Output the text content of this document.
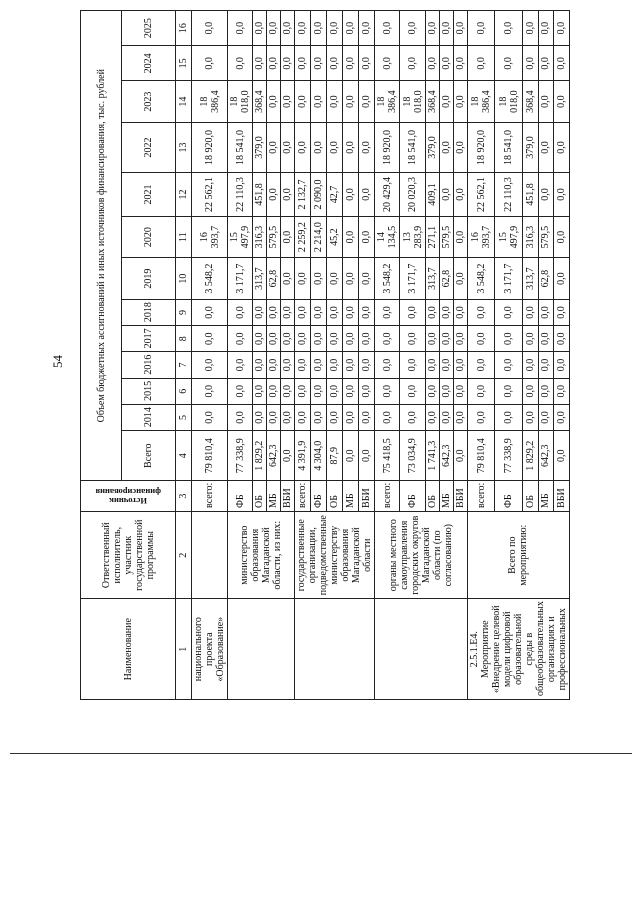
54
Наименование	Ответственный исполнитель, участник государственной программы	Источник финансирования	Объем бюджетных ассигнований и иных источников финансирования, тыс. рублей												
			Всего	2014	2015	2016	2017	2018	2019	2020	2021	2022	2023	2024	2025
1	2	3	4	5	6	7	8	9	10	11	12	13	14	15	16
национального проекта «Образование»		всего:	79 810,4	0,0	0,0	0,0	0,0	0,0	3 548,2	16 393,7	22 562,1	18 920,0	18 386,4	0,0	0,0
	министерство образования Магаданской области, из них:	ФБ	77 338,9	0,0	0,0	0,0	0,0	0,0	3 171,7	15 497,9	22 110,3	18 541,0	18 018,0	0,0	0,0
		ОБ	1 829,2	0,0	0,0	0,0	0,0	0,0	313,7	316,3	451,8	379,0	368,4	0,0	0,0
		МБ	642,3	0,0	0,0	0,0	0,0	0,0	62,8	579,5	0,0	0,0	0,0	0,0	0,0
		ВБИ	0,0	0,0	0,0	0,0	0,0	0,0	0,0	0,0	0,0	0,0	0,0	0,0	0,0
	государственные организации, подведомственные министерству образования Магаданской области	всего:	4 391,9	0,0	0,0	0,0	0,0	0,0	0,0	2 259,2	2 132,7	0,0	0,0	0,0	0,0
		ФБ	4 304,0	0,0	0,0	0,0	0,0	0,0	0,0	2 214,0	2 090,0	0,0	0,0	0,0	0,0
		ОБ	87,9	0,0	0,0	0,0	0,0	0,0	0,0	45,2	42,7	0,0	0,0	0,0	0,0
		МБ	0,0	0,0	0,0	0,0	0,0	0,0	0,0	0,0	0,0	0,0	0,0	0,0	0,0
		ВБИ	0,0	0,0	0,0	0,0	0,0	0,0	0,0	0,0	0,0	0,0	0,0	0,0	0,0
	органы местного самоуправления городских округов Магаданской области (по согласованию)	всего:	75 418,5	0,0	0,0	0,0	0,0	0,0	3 548,2	14 134,5	20 429,4	18 920,0	18 386,4	0,0	0,0
		ФБ	73 034,9	0,0	0,0	0,0	0,0	0,0	3 171,7	13 283,9	20 020,3	18 541,0	18 018,0	0,0	0,0
		ОБ	1 741,3	0,0	0,0	0,0	0,0	0,0	313,7	271,1	409,1	379,0	368,4	0,0	0,0
		МБ	642,3	0,0	0,0	0,0	0,0	0,0	62,8	579,5	0,0	0,0	0,0	0,0	0,0
		ВБИ	0,0	0,0	0,0	0,0	0,0	0,0	0,0	0,0	0,0	0,0	0,0	0,0	0,0
2.5.1.Е4. Мероприятие «Внедрение целевой модели цифровой образовательной среды в общеобразовательных организациях и профессиональных	Всего по мероприятию:	всего:	79 810,4	0,0	0,0	0,0	0,0	0,0	3 548,2	16 393,7	22 562,1	18 920,0	18 386,4	0,0	0,0
		ФБ	77 338,9	0,0	0,0	0,0	0,0	0,0	3 171,7	15 497,9	22 110,3	18 541,0	18 018,0	0,0	0,0
		ОБ	1 829,2	0,0	0,0	0,0	0,0	0,0	313,7	316,3	451,8	379,0	368,4	0,0	0,0
		МБ	642,3	0,0	0,0	0,0	0,0	0,0	62,8	579,5	0,0	0,0	0,0	0,0	0,0
		ВБИ	0,0	0,0	0,0	0,0	0,0	0,0	0,0	0,0	0,0	0,0	0,0	0,0	0,0
